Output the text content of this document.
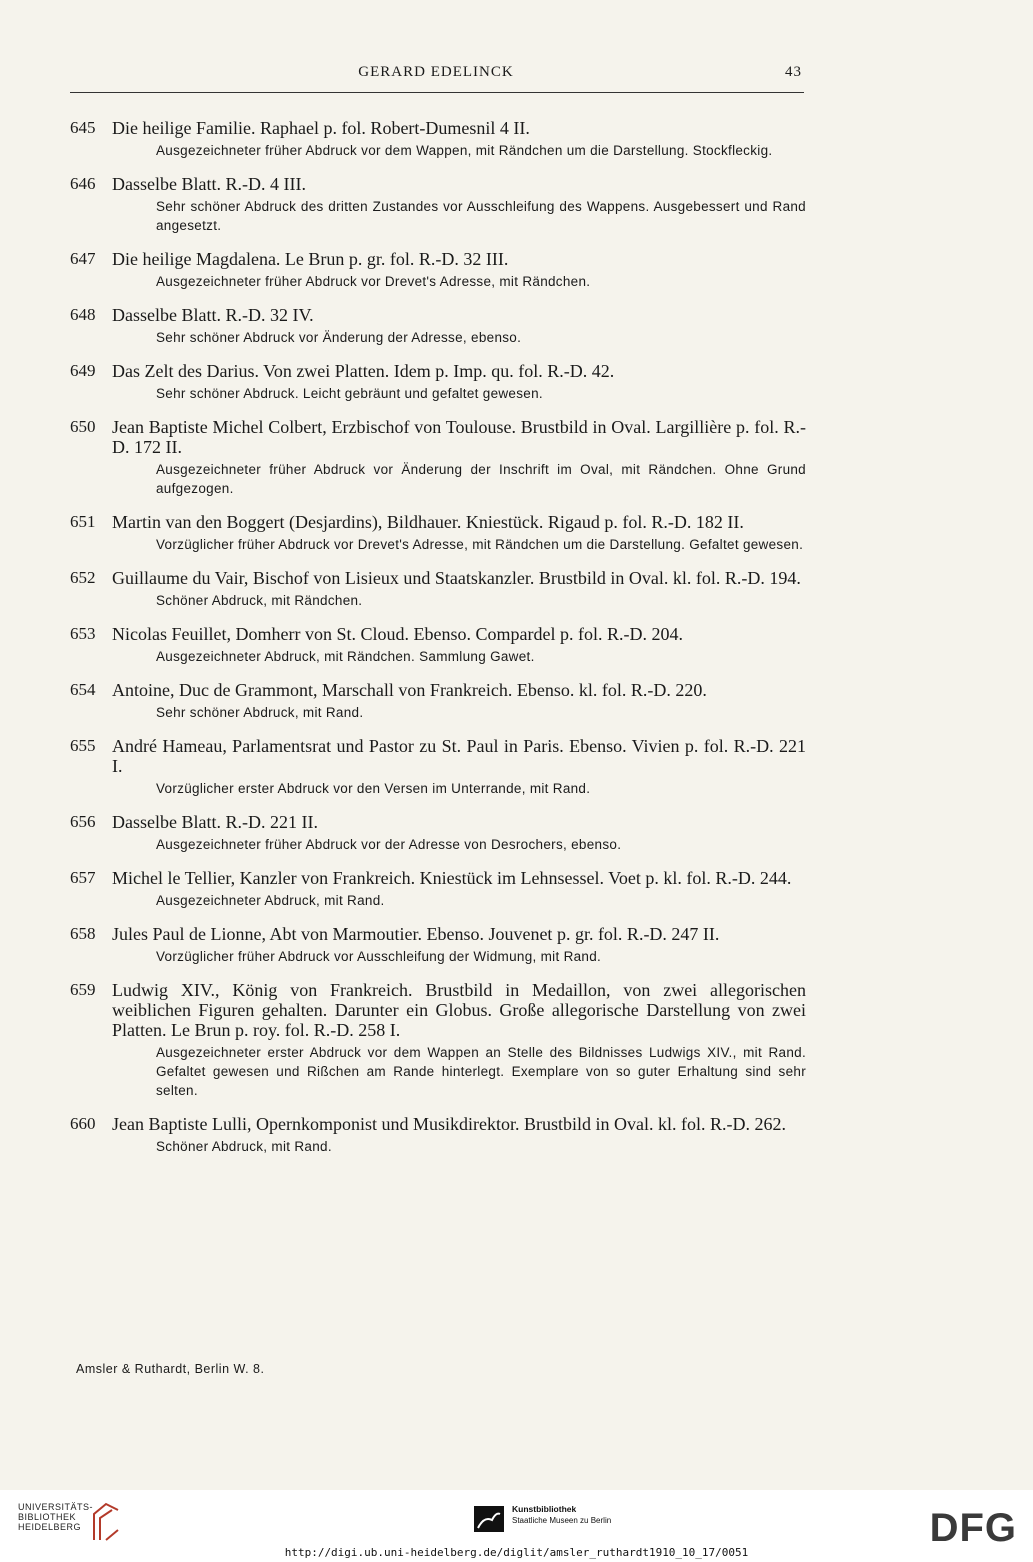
GERARD EDELINCK	43
645 Die heilige Familie. Raphael p. fol. Robert-Dumesnil 4 II.
Ausgezeichneter früher Abdruck vor dem Wappen, mit Rändchen um die Darstellung. Stockfleckig.
646 Dasselbe Blatt. R.-D. 4 III.
Sehr schöner Abdruck des dritten Zustandes vor Ausschleifung des Wappens. Ausgebessert und Rand angesetzt.
647 Die heilige Magdalena. Le Brun p. gr. fol. R.-D. 32 III.
Ausgezeichneter früher Abdruck vor Drevet's Adresse, mit Rändchen.
648 Dasselbe Blatt. R.-D. 32 IV.
Sehr schöner Abdruck vor Änderung der Adresse, ebenso.
649 Das Zelt des Darius. Von zwei Platten. Idem p. Imp. qu. fol. R.-D. 42.
Sehr schöner Abdruck. Leicht gebräunt und gefaltet gewesen.
650 Jean Baptiste Michel Colbert, Erzbischof von Toulouse. Brustbild in Oval. Largillière p. fol. R.-D. 172 II.
Ausgezeichneter früher Abdruck vor Änderung der Inschrift im Oval, mit Rändchen. Ohne Grund aufgezogen.
651 Martin van den Boggert (Desjardins), Bildhauer. Kniestück. Rigaud p. fol. R.-D. 182 II.
Vorzüglicher früher Abdruck vor Drevet's Adresse, mit Rändchen um die Darstellung. Gefaltet gewesen.
652 Guillaume du Vair, Bischof von Lisieux und Staatskanzler. Brustbild in Oval. kl. fol. R.-D. 194.
Schöner Abdruck, mit Rändchen.
653 Nicolas Feuillet, Domherr von St. Cloud. Ebenso. Compardel p. fol. R.-D. 204.
Ausgezeichneter Abdruck, mit Rändchen. Sammlung Gawet.
654 Antoine, Duc de Grammont, Marschall von Frankreich. Ebenso. kl. fol. R.-D. 220.
Sehr schöner Abdruck, mit Rand.
655 André Hameau, Parlamentsrat und Pastor zu St. Paul in Paris. Ebenso. Vivien p. fol. R.-D. 221 I.
Vorzüglicher erster Abdruck vor den Versen im Unterrande, mit Rand.
656 Dasselbe Blatt. R.-D. 221 II.
Ausgezeichneter früher Abdruck vor der Adresse von Desrochers, ebenso.
657 Michel le Tellier, Kanzler von Frankreich. Kniestück im Lehnsessel. Voet p. kl. fol. R.-D. 244.
Ausgezeichneter Abdruck, mit Rand.
658 Jules Paul de Lionne, Abt von Marmoutier. Ebenso. Jouvenet p. gr. fol. R.-D. 247 II.
Vorzüglicher früher Abdruck vor Ausschleifung der Widmung, mit Rand.
659 Ludwig XIV., König von Frankreich. Brustbild in Medaillon, von zwei allegorischen weiblichen Figuren gehalten. Darunter ein Globus. Große allegorische Darstellung von zwei Platten. Le Brun p. roy. fol. R.-D. 258 I.
Ausgezeichneter erster Abdruck vor dem Wappen an Stelle des Bildnisses Ludwigs XIV., mit Rand. Gefaltet gewesen und Rißchen am Rande hinterlegt. Exemplare von so guter Erhaltung sind sehr selten.
660 Jean Baptiste Lulli, Opernkomponist und Musikdirektor. Brustbild in Oval. kl. fol. R.-D. 262.
Schöner Abdruck, mit Rand.
Amsler & Ruthardt, Berlin W. 8.
UNIVERSITÄTS-
BIBLIOTHEK
HEIDELBERG
Kunstbibliothek
Staatliche Museen zu Berlin	DFG
http://digi.ub.uni-heidelberg.de/diglit/amsler_ruthardt1910_10_17/0051
